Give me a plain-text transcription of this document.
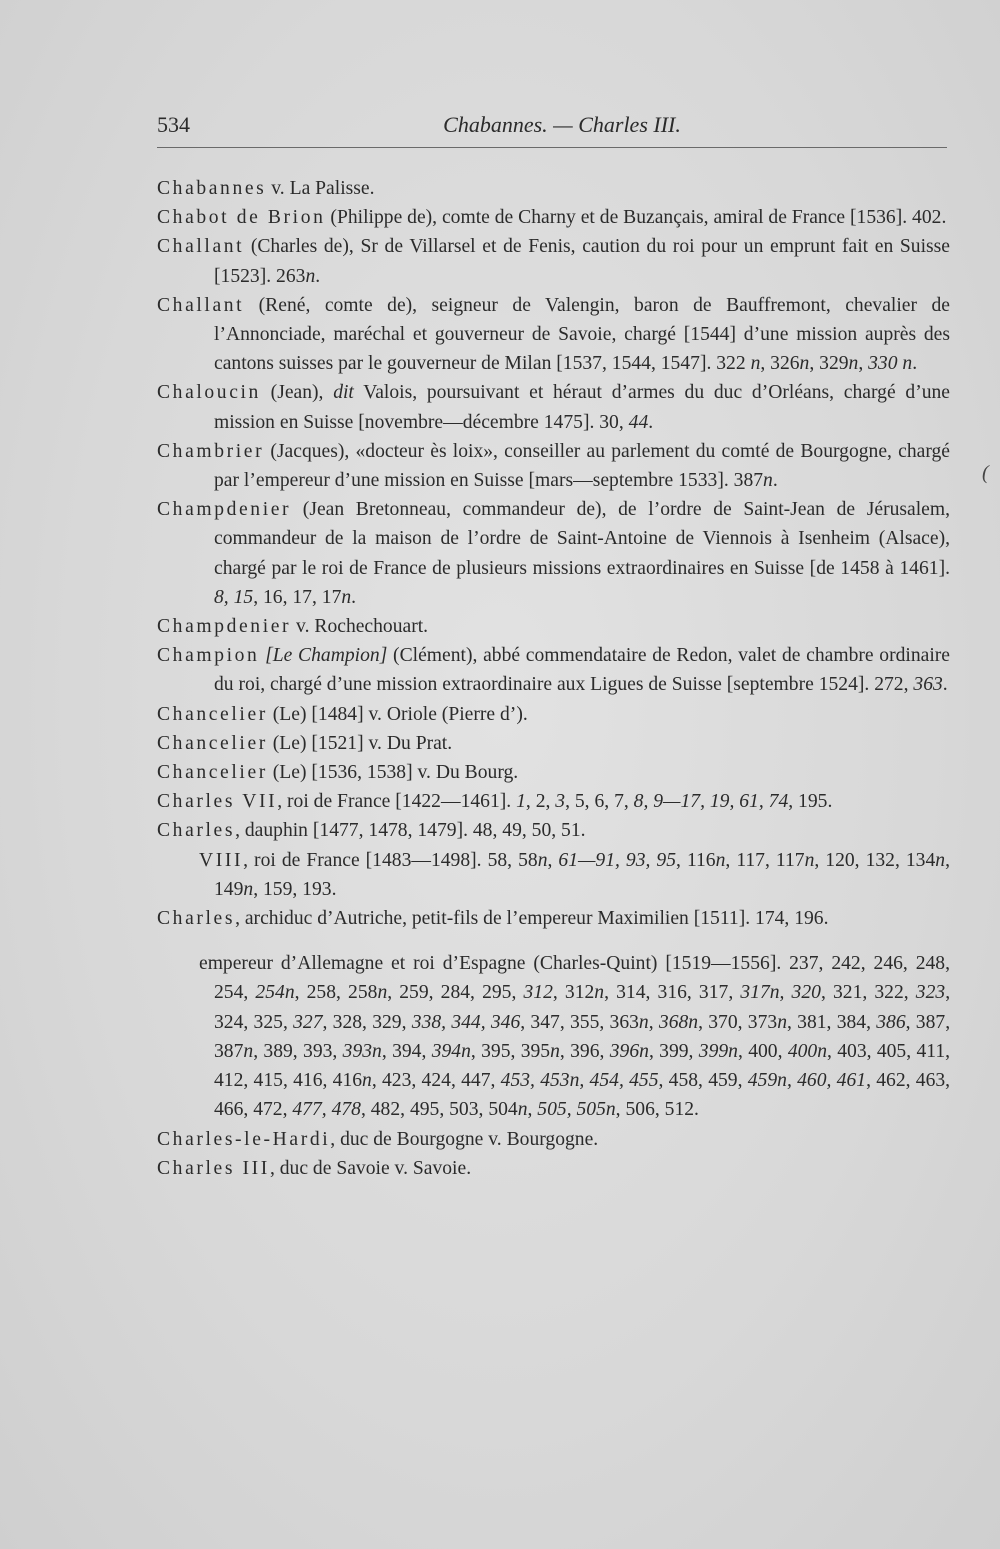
534	Chabannes. — Charles III.
(

Chabannes v. La Palisse.

Chabot de Brion (Philippe de), comte de Charny et de Buzançais, amiral de France [1536]. 402.

Challant (Charles de), Sr de Villarsel et de Fenis, caution du roi pour un emprunt fait en Suisse [1523]. 263n.

Challant (René, comte de), seigneur de Valengin, baron de Bauffremont, chevalier de l’Annonciade, maréchal et gouverneur de Savoie, chargé [1544] d’une mission auprès des cantons suisses par le gouverneur de Milan [1537, 1544, 1547]. 322 n, 326n, 329n, 330 n.

Chaloucin (Jean), dit Valois, poursuivant et héraut d’armes du duc d’Orléans, chargé d’une mission en Suisse [novembre—décembre 1475]. 30, 44.

Chambrier (Jacques), «docteur ès loix», conseiller au parlement du comté de Bourgogne, chargé par l’empereur d’une mission en Suisse [mars—septembre 1533]. 387n.

Champdenier (Jean Bretonneau, commandeur de), de l’ordre de Saint-Jean de Jérusalem, commandeur de la maison de l’ordre de Saint-Antoine de Viennois à Isenheim (Alsace), chargé par le roi de France de plusieurs missions extraordinaires en Suisse [de 1458 à 1461]. 8, 15, 16, 17, 17n.

Champdenier v. Rochechouart.

Champion [Le Champion] (Clément), abbé commendataire de Redon, valet de chambre ordinaire du roi, chargé d’une mission extraordinaire aux Ligues de Suisse [septembre 1524]. 272, 363.

Chancelier (Le) [1484] v. Oriole (Pierre d’).

Chancelier (Le) [1521] v. Du Prat.

Chancelier (Le) [1536, 1538] v. Du Bourg.

Charles VII, roi de France [1422—1461]. 1, 2, 3, 5, 6, 7, 8, 9—17, 19, 61, 74, 195.

Charles, dauphin [1477, 1478, 1479]. 48, 49, 50, 51.

VIII, roi de France [1483—1498]. 58, 58n, 61—91, 93, 95, 116n, 117, 117n, 120, 132, 134n, 149n, 159, 193.

Charles, archiduc d’Autriche, petit-fils de l’empereur Maximilien [1511]. 174, 196.

empereur d’Allemagne et roi d’Espagne (Charles-Quint) [1519—1556]. 237, 242, 246, 248, 254, 254n, 258, 258n, 259, 284, 295, 312, 312n, 314, 316, 317, 317n, 320, 321, 322, 323, 324, 325, 327, 328, 329, 338, 344, 346, 347, 355, 363n, 368n, 370, 373n, 381, 384, 386, 387, 387n, 389, 393, 393n, 394, 394n, 395, 395n, 396, 396n, 399, 399n, 400, 400n, 403, 405, 411, 412, 415, 416, 416n, 423, 424, 447, 453, 453n, 454, 455, 458, 459, 459n, 460, 461, 462, 463, 466, 472, 477, 478, 482, 495, 503, 504n, 505, 505n, 506, 512.

Charles-le-Hardi, duc de Bourgogne v. Bourgogne.

Charles III, duc de Savoie v. Savoie.
